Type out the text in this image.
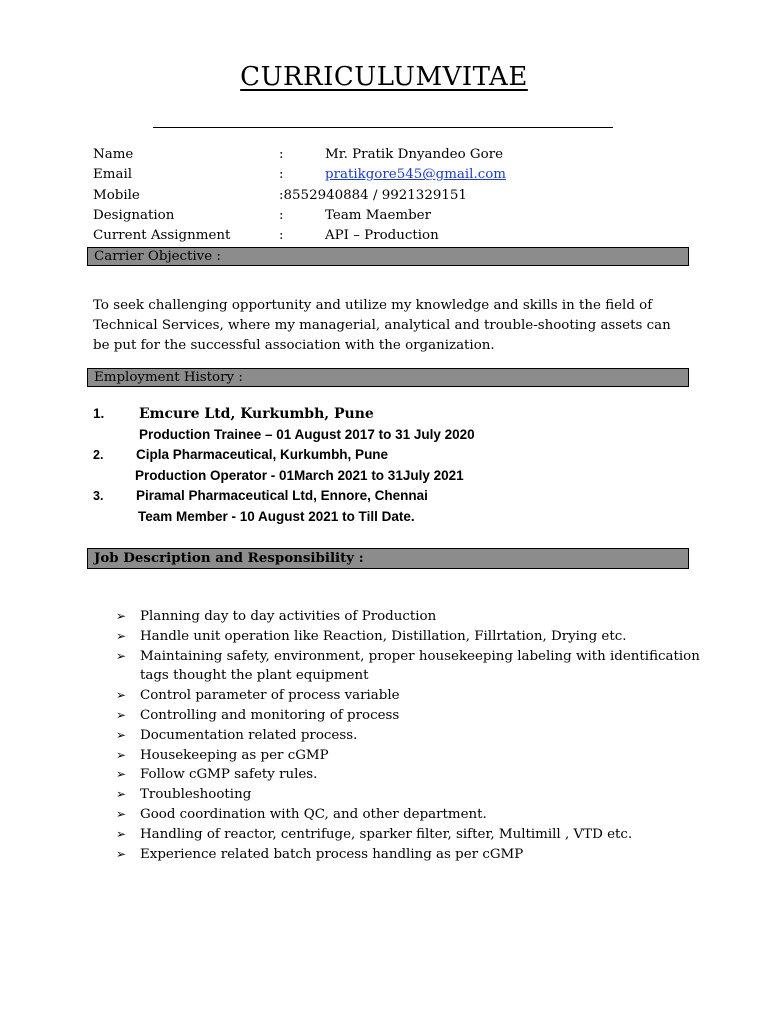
CURRICULUMVITAE
Name	:	Mr. Pratik Dnyandeo Gore
Email	:	pratikgore545@gmail.com
Mobile	:8552940884 / 9921329151
Designation	:	Team Maember
Current Assignment	:	API – Production
Carrier Objective :
To seek challenging opportunity and utilize my knowledge and skills in the field of Technical Services, where my managerial, analytical and trouble-shooting assets can be put for the successful association with the organization.
Employment History :
1. Emcure Ltd, Kurkumbh, Pune
Production Trainee – 01 August 2017 to 31 July 2020
2. Cipla Pharmaceutical, Kurkumbh, Pune
Production Operator - 01March 2021 to 31July 2021
3. Piramal Pharmaceutical Ltd, Ennore, Chennai
Team Member - 10 August 2021 to Till Date.
Job Description and Responsibility :
➢ Planning day to day activities of Production
➢ Handle unit operation like Reaction, Distillation, Fillrtation, Drying etc.
➢ Maintaining safety, environment, proper housekeeping labeling with identification tags thought the plant equipment
➢ Control parameter of process variable
➢ Controlling and monitoring of process
➢ Documentation related process.
➢ Housekeeping as per cGMP
➢ Follow cGMP safety rules.
➢ Troubleshooting
➢ Good coordination with QC, and other department.
➢ Handling of reactor, centrifuge, sparker filter, sifter, Multimill , VTD etc.
➢ Experience related batch process handling as per cGMP
